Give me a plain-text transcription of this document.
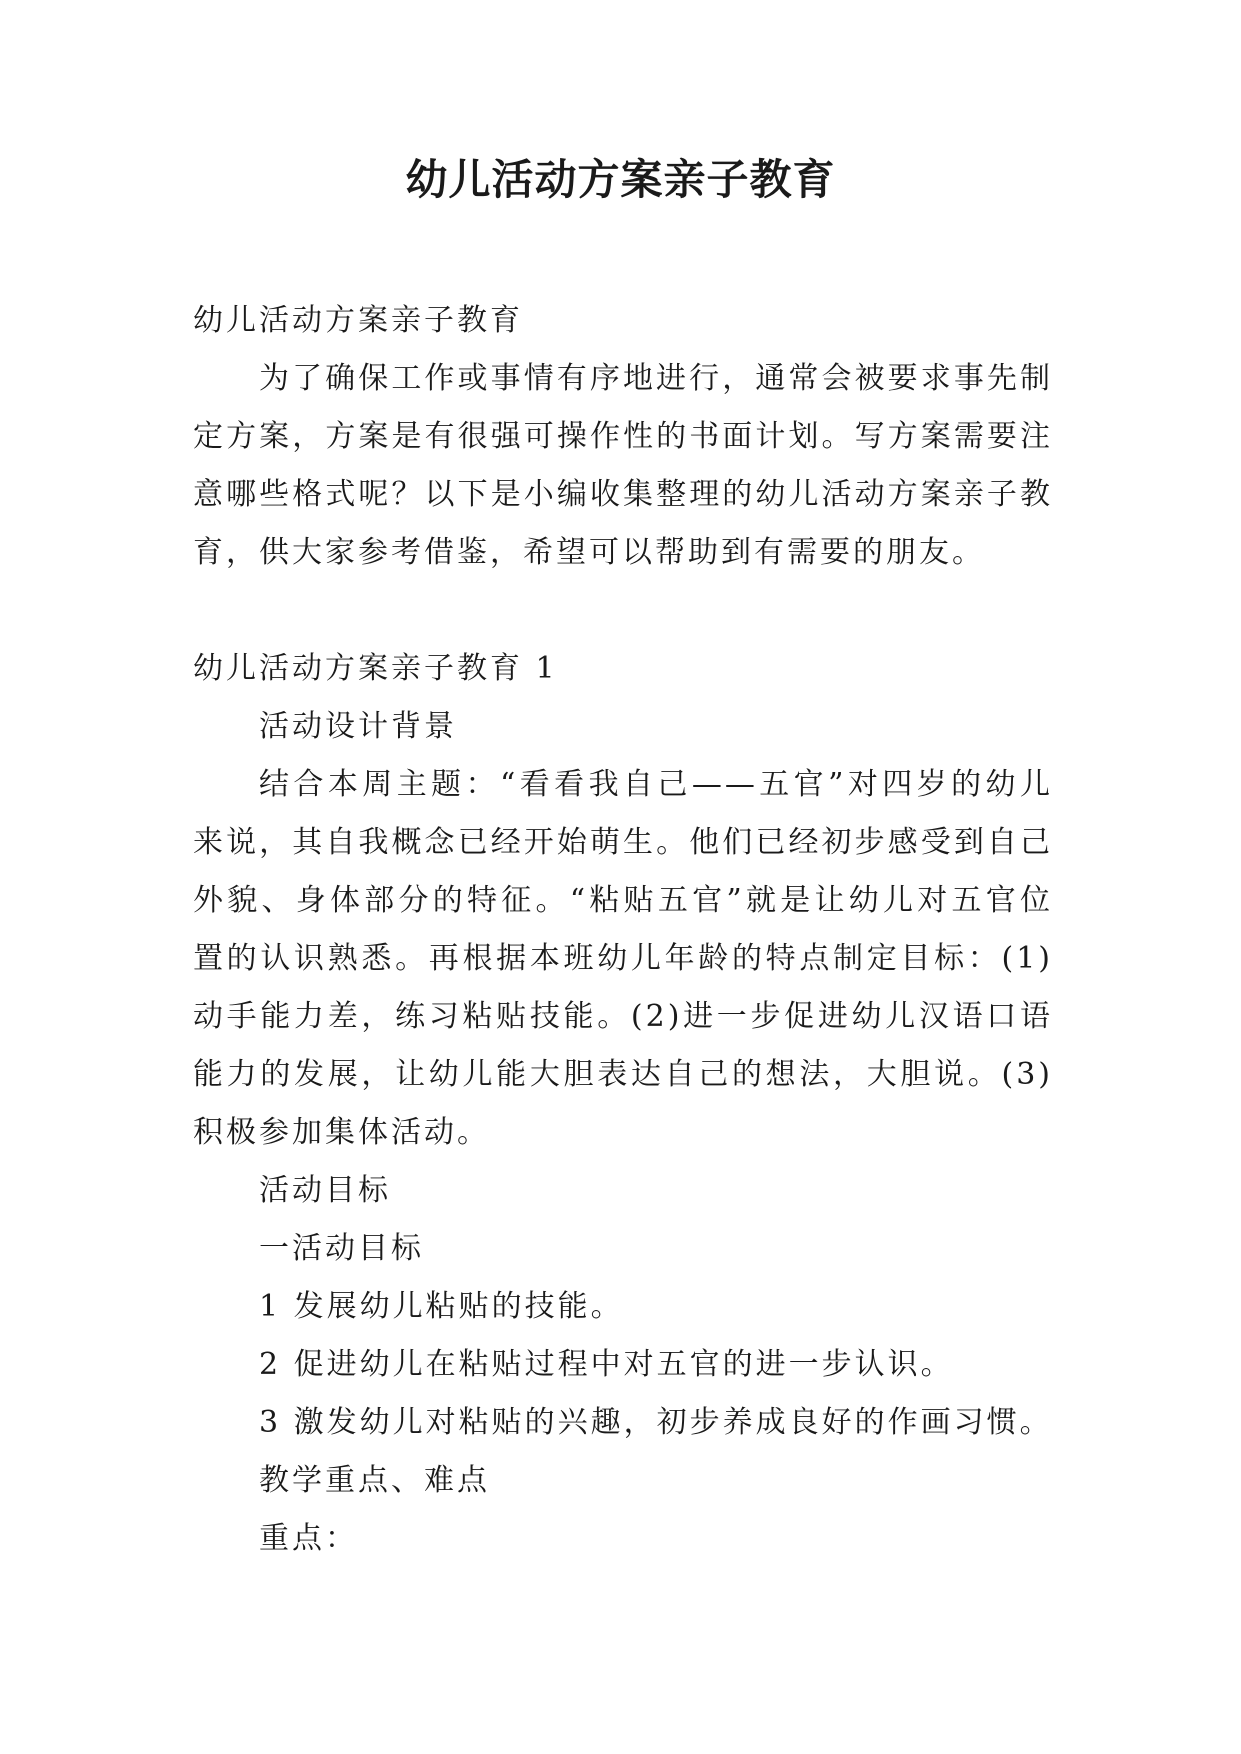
幼儿活动方案亲子教育

幼儿活动方案亲子教育

为了确保工作或事情有序地进行，通常会被要求事先制定方案，方案是有很强可操作性的书面计划。写方案需要注意哪些格式呢？以下是小编收集整理的幼儿活动方案亲子教育，供大家参考借鉴，希望可以帮助到有需要的朋友。

幼儿活动方案亲子教育 1

活动设计背景

结合本周主题：“看看我自己——五官”对四岁的幼儿来说，其自我概念已经开始萌生。他们已经初步感受到自己外貌、身体部分的特征。“粘贴五官”就是让幼儿对五官位置的认识熟悉。再根据本班幼儿年龄的特点制定目标：(1)动手能力差，练习粘贴技能。(2)进一步促进幼儿汉语口语能力的发展，让幼儿能大胆表达自己的想法，大胆说。(3)积极参加集体活动。

活动目标

一活动目标

1 发展幼儿粘贴的技能。

2 促进幼儿在粘贴过程中对五官的进一步认识。

3 激发幼儿对粘贴的兴趣，初步养成良好的作画习惯。

教学重点、难点

重点：
